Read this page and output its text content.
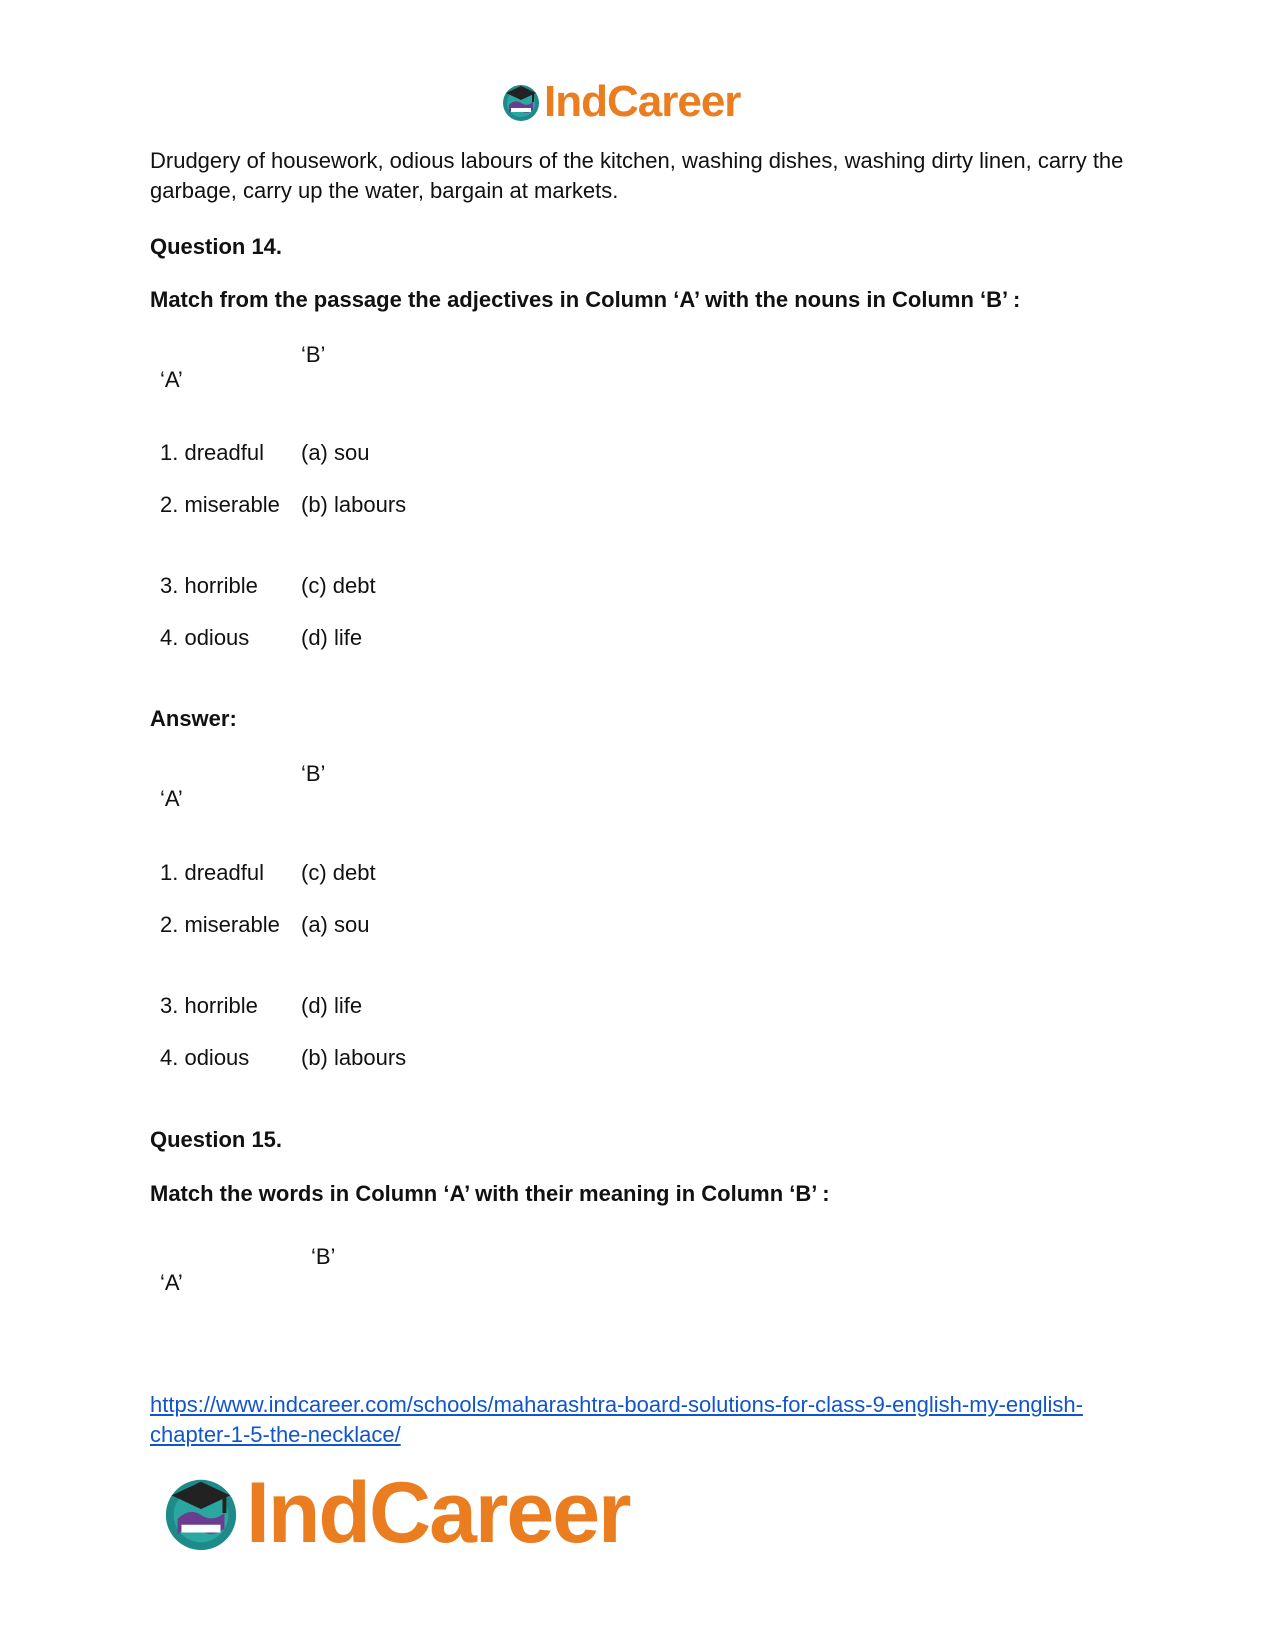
IndCareer
Drudgery of housework, odious labours of the kitchen, washing dishes, washing dirty linen, carry the garbage, carry up the water, bargain at markets.
Question 14.
Match from the passage the adjectives in Column ‘A’ with the nouns in Column ‘B’ :
‘B’
‘A’
1. dreadful (a) sou
2. miserable (b) labours
3. horrible (c) debt
4. odious (d) life
Answer:
‘B’
‘A’
1. dreadful (c) debt
2. miserable (a) sou
3. horrible (d) life
4. odious (b) labours
Question 15.
Match the words in Column ‘A’ with their meaning in Column ‘B’ :
‘B’
‘A’
https://www.indcareer.com/schools/maharashtra-board-solutions-for-class-9-english-my-english-chapter-1-5-the-necklace/
IndCareer
